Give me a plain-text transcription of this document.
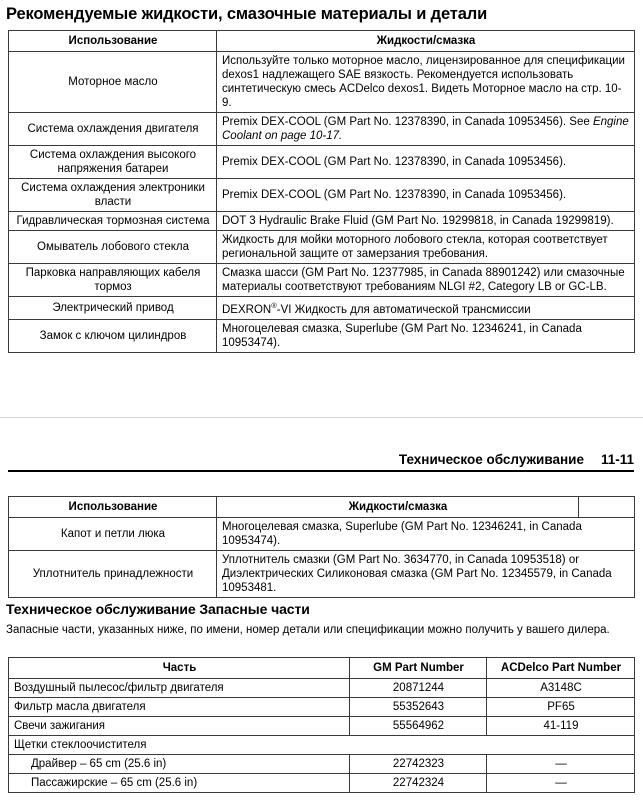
Рекомендуемые жидкости, смазочные материалы и детали
Использование	Жидкости/смазка
Моторное масло	Используйте только моторное масло, лицензированное для спецификации dexos1 надлежащего SAE вязкость. Рекомендуется использовать синтетическую смесь ACDelco dexos1. Видеть Моторное масло на стр. 10-9.
Система охлаждения двигателя	Premix DEX-COOL (GM Part No. 12378390, in Canada 10953456). See Engine Coolant on page 10-17.
Система охлаждения высокого напряжения батареи	Premix DEX-COOL (GM Part No. 12378390, in Canada 10953456).
Система охлаждения электроники власти	Premix DEX-COOL (GM Part No. 12378390, in Canada 10953456).
Гидравлическая тормозная система	DOT 3 Hydraulic Brake Fluid (GM Part No. 19299818, in Canada 19299819).
Омыватель лобового стекла	Жидкость для мойки моторного лобового стекла, которая соответствует региональной защите от замерзания требования.
Парковка направляющих кабеля тормоз	Смазка шасси (GM Part No. 12377985, in Canada 88901242) или смазочные материалы соответствуют требованиям NLGI #2, Category LB or GC-LB.
Электрический привод	DEXRON®-VI Жидкость для автоматической трансмиссии
Замок с ключом цилиндров	Многоцелевая смазка, Superlube (GM Part No. 12346241, in Canada 10953474).
Техническое обслуживание 11-11
Использование	Жидкости/смазка	
Капот и петли люка	Многоцелевая смазка, Superlube (GM Part No. 12346241, in Canada 10953474).	
Уплотнитель принадлежности	Уплотнитель смазки (GM Part No. 3634770, in Canada 10953518) or Диэлектрических Силиконовая смазка (GM Part No. 12345579, in Canada 10953481.	
Техническое обслуживание Запасные части
Запасные части, указанных ниже, по имени, номер детали или спецификации можно получить у вашего дилера.
Часть	GM Part Number	ACDelco Part Number
Воздушный пылесос/фильтр двигателя	20871244	A3148C
Фильтр масла двигателя	55352643	PF65
Свечи зажигания	55564962	41-119
Щетки стеклоочистителя		
Драйвер – 65 cm (25.6 in)	22742323	—
Пассажирские – 65 cm (25.6 in)	22742324	—
